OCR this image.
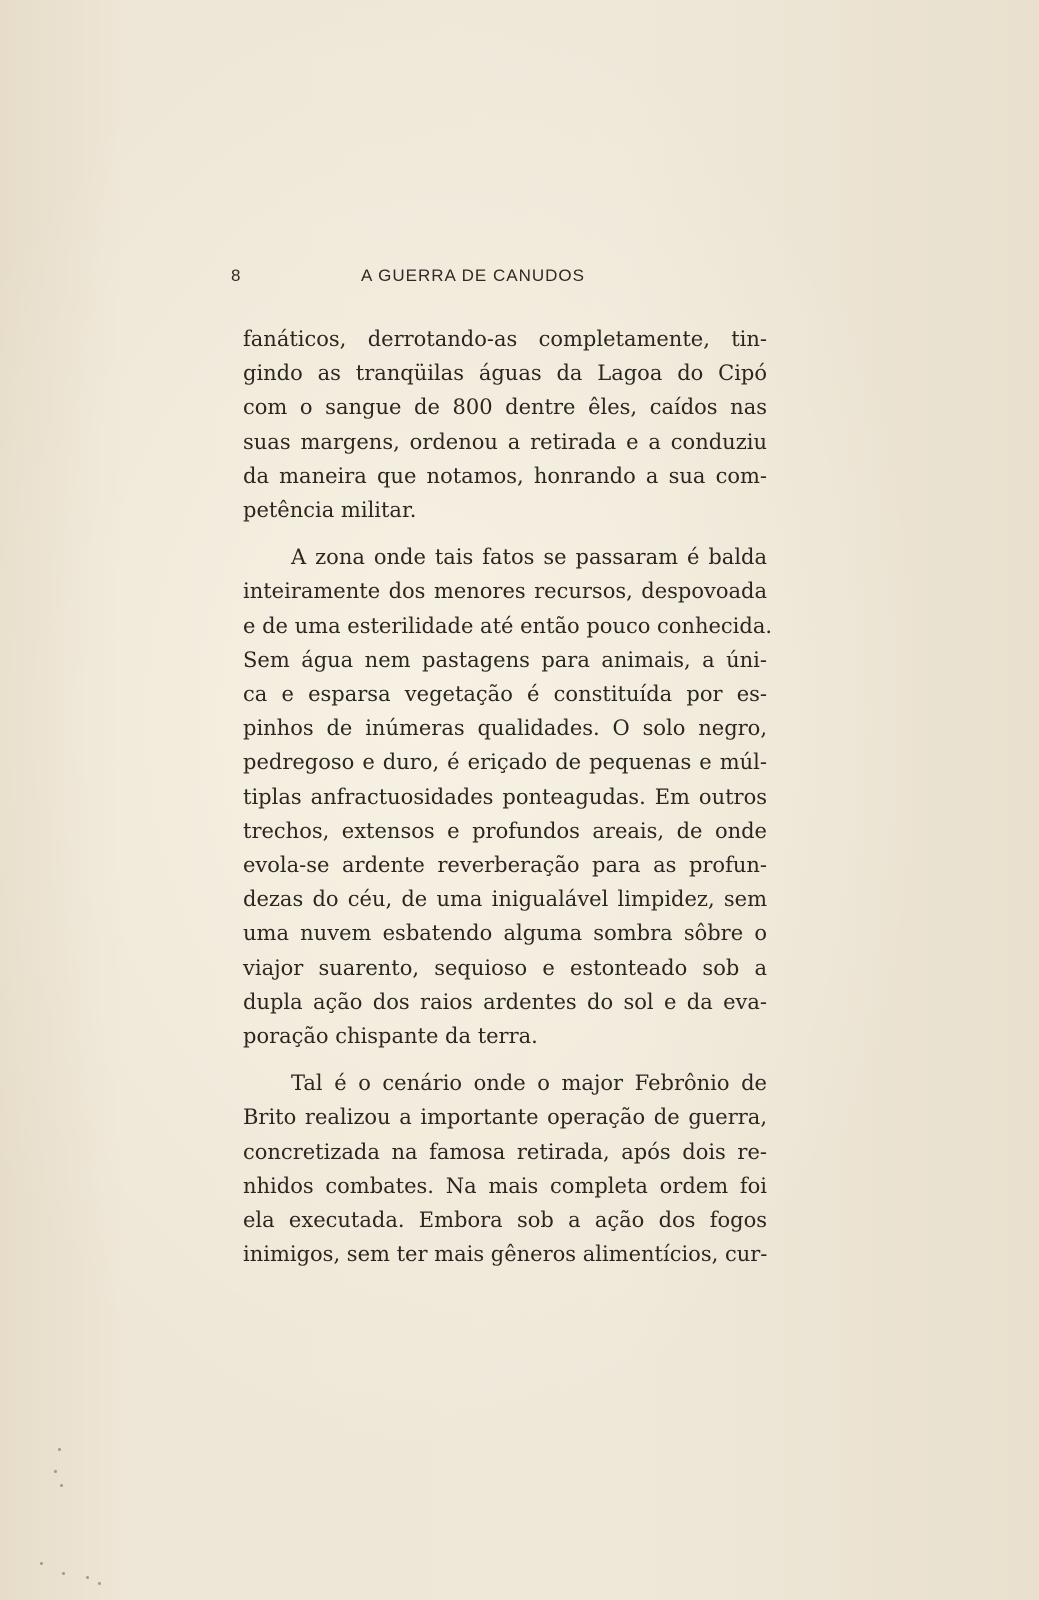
8	A GUERRA DE CANUDOS

fanáticos, derrotando-as completamente, tin-
gindo as tranqüilas águas da Lagoa do Cipó
com o sangue de 800 dentre êles, caídos nas
suas margens, ordenou a retirada e a conduziu
da maneira que notamos, honrando a sua com-
petência militar.

A zona onde tais fatos se passaram é balda
inteiramente dos menores recursos, despovoada
e de uma esterilidade até então pouco conhecida.
Sem água nem pastagens para animais, a úni-
ca e esparsa vegetação é constituída por es-
pinhos de inúmeras qualidades. O solo negro,
pedregoso e duro, é eriçado de pequenas e múl-
tiplas anfractuosidades ponteagudas. Em outros
trechos, extensos e profundos areais, de onde
evola-se ardente reverberação para as profun-
dezas do céu, de uma inigualável limpidez, sem
uma nuvem esbatendo alguma sombra sôbre o
viajor suarento, sequioso e estonteado sob a
dupla ação dos raios ardentes do sol e da eva-
poração chispante da terra.

Tal é o cenário onde o major Febrônio de
Brito realizou a importante operação de guerra,
concretizada na famosa retirada, após dois re-
nhidos combates. Na mais completa ordem foi
ela executada. Embora sob a ação dos fogos
inimigos, sem ter mais gêneros alimentícios, cur-
